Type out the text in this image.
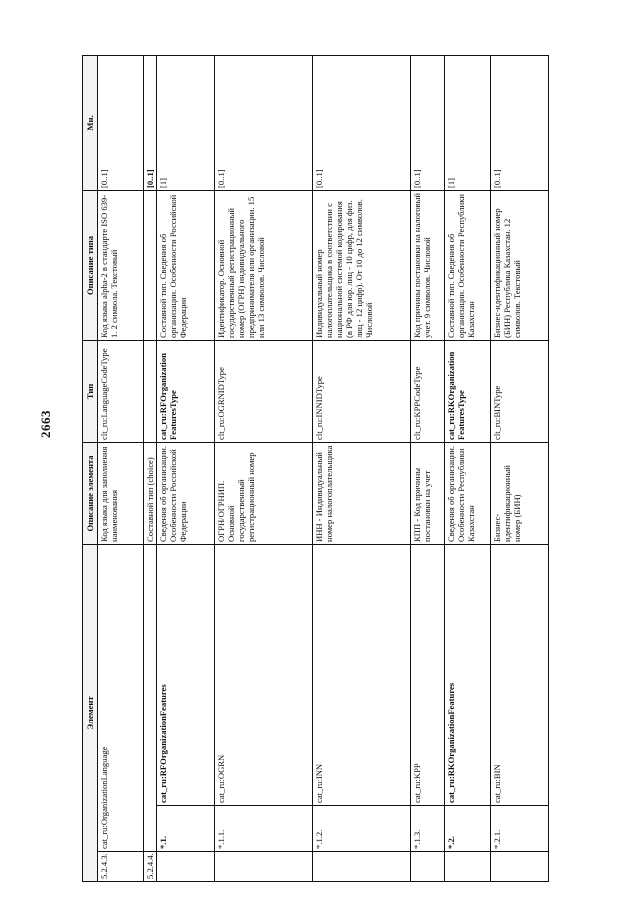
2663
Элемент			Описание элемента	Тип	Описание типа	Мн.
5.2.4.3.	cat_ru:OrganizationLanguage		Код языка для заполнения наименования	clt_ru:LanguageCodeType	Код языка alpha-2 в стандарте ISO 639-1. 2 символа. Текстовый	[0..1]
5.2.4.4.			Составной тип (choice)			[0..1]
	*.1.	cat_ru:RFOrganizationFeatures	Сведения об организации. Особенности Российской Федерации	cat_ru:RFOrganization FeaturesType	Составной тип. Сведения об организации. Особенности Российской Федерации	[1]
	*.1.1.	cat_ru:OGRN	ОГРН/ОГРНИП. Основной государственный регистрационный номер	clt_ru:OGRNIDType	Идентификатор. Основной государственный регистрационный номер (ОГРН) индивидуального предпринимателя или организации. 15 или 13 символов. Числовой	[0..1]
	*.1.2.	cat_ru:INN	ИНН - Индивидуальный номер налогоплательщика	clt_ru:INNIDType	Индивидуальный номер налогоплательщика в соответствии с национальной системой кодирования (в РФ для юр. лиц - 10 цифр, для физ. лиц - 12 цифр). От 10 до 12 символов. Числовой	[0..1]
	*.1.3.	cat_ru:KPP	КПП - Код причины постановки на учет	clt_ru:KPPCodeType	Код причины постановки на налоговый учет. 9 символов. Числовой	[0..1]
	*.2.	cat_ru:RKOrganizationFeatures	Сведения об организации. Особенности Республики Казахстан	cat_ru:RKOrganization FeaturesType	Составной тип. Сведения об организации. Особенности Республики Казахстан	[1]
	*.2.1.	cat_ru:BIN	Бизнес-идентификационный номер (БИН)	clt_ru:BINType	Бизнес-идентификационный номер (БИН) Республика Казахстан. 12 символов. Текстовый	[0..1]
